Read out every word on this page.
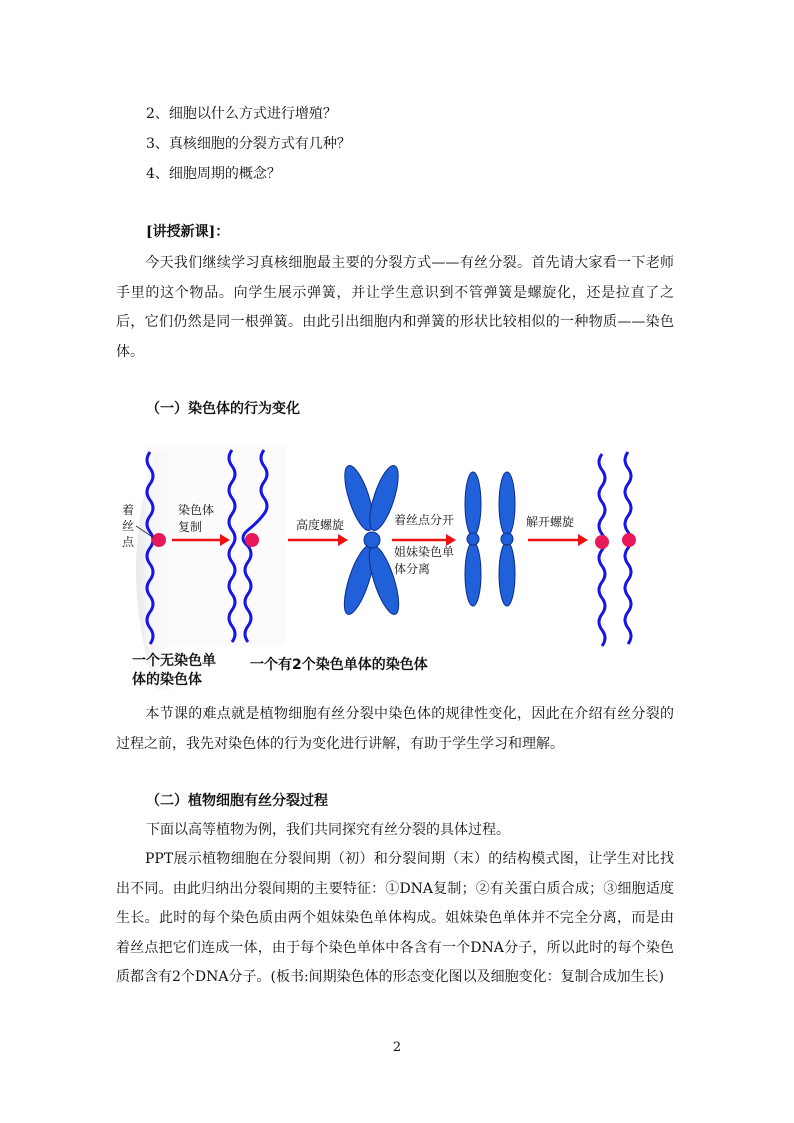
2、细胞以什么方式进行增殖？
3、真核细胞的分裂方式有几种？
4、细胞周期的概念？
[讲授新课]：
今天我们继续学习真核细胞最主要的分裂方式——有丝分裂。首先请大家看一下老师手里的这个物品。向学生展示弹簧，并让学生意识到不管弹簧是螺旋化，还是拉直了之后，它们仍然是同一根弹簧。由此引出细胞内和弹簧的形状比较相似的一种物质——染色体。
（一）染色体的行为变化
着
丝
点
染色体
复制	高度螺旋	着丝点分开
姐妹染色单
体分离
解开螺旋
一个无染色单
体的染色体
一个有2个染色单体的染色体
本节课的难点就是植物细胞有丝分裂中染色体的规律性变化，因此在介绍有丝分裂的过程之前，我先对染色体的行为变化进行讲解，有助于学生学习和理解。
（二）植物细胞有丝分裂过程
下面以高等植物为例，我们共同探究有丝分裂的具体过程。
PPT展示植物细胞在分裂间期（初）和分裂间期（末）的结构模式图，让学生对比找出不同。由此归纳出分裂间期的主要特征：①DNA复制；②有关蛋白质合成；③细胞适度生长。此时的每个染色质由两个姐妹染色单体构成。姐妹染色单体并不完全分离，而是由着丝点把它们连成一体，由于每个染色单体中各含有一个DNA分子，所以此时的每个染色质都含有2个DNA分子。(板书:间期染色体的形态变化图以及细胞变化：复制合成加生长)
2
